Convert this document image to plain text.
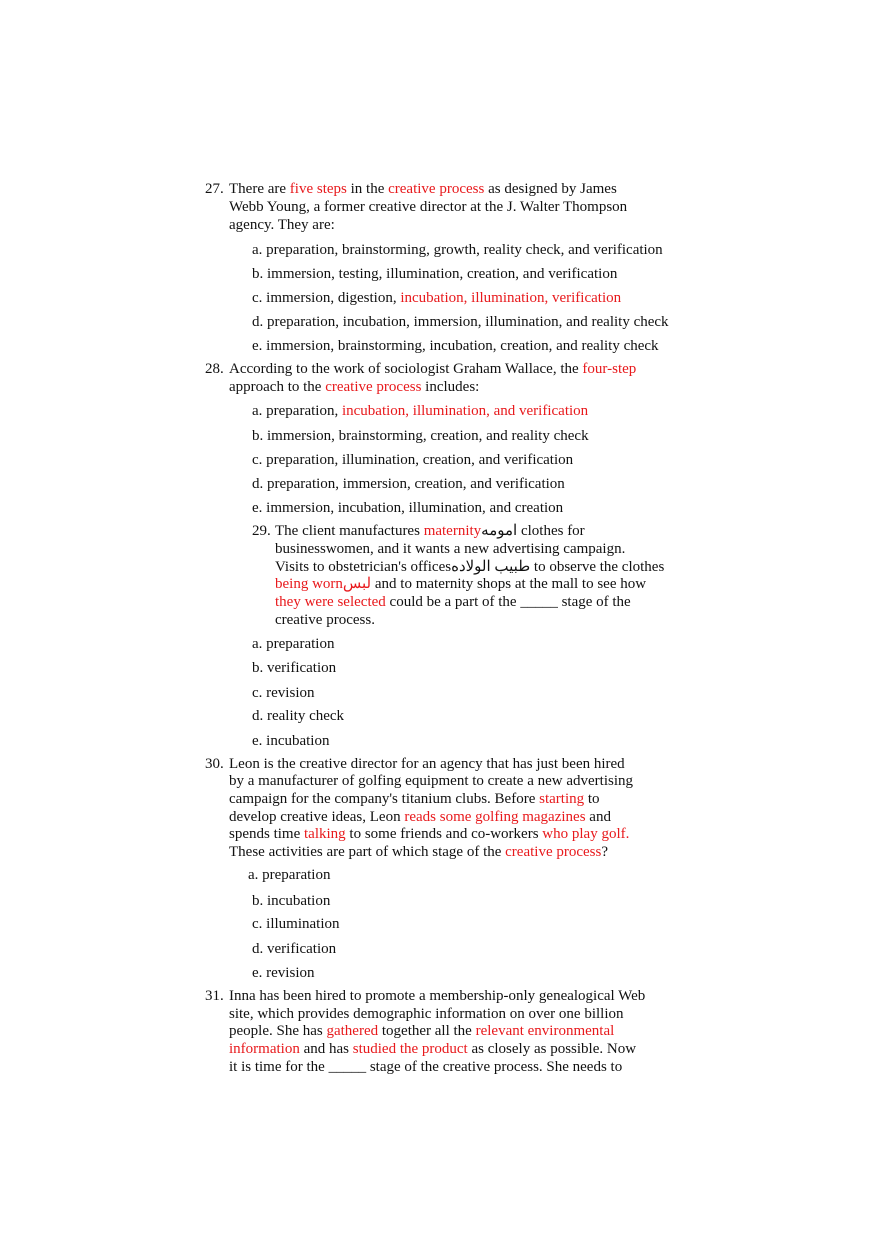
27. There are five steps in the creative process as designed by James
Webb Young, a former creative director at the J. Walter Thompson
agency. They are:
a. preparation, brainstorming, growth, reality check, and verification
b. immersion, testing, illumination, creation, and verification
c. immersion, digestion, incubation, illumination, verification
d. preparation, incubation, immersion, illumination, and reality check
e. immersion, brainstorming, incubation, creation, and reality check
28. According to the work of sociologist Graham Wallace, the four-step
approach to the creative process includes:
a. preparation, incubation, illumination, and verification
b. immersion, brainstorming, creation, and reality check
c. preparation, illumination, creation, and verification
d. preparation, immersion, creation, and verification
e. immersion, incubation, illumination, and creation
29. The client manufactures maternityامومه clothes for
businesswomen, and it wants a new advertising campaign.
Visits to obstetrician's officesطبيب الولاده to observe the clothes
being wornلبس and to maternity shops at the mall to see how
they were selected could be a part of the _____ stage of the
creative process.
a. preparation
b. verification
c. revision
d. reality check
e. incubation
30. Leon is the creative director for an agency that has just been hired
by a manufacturer of golfing equipment to create a new advertising
campaign for the company's titanium clubs. Before starting to
develop creative ideas, Leon reads some golfing magazines and
spends time talking to some friends and co-workers who play golf.
These activities are part of which stage of the creative process?
a. preparation
b. incubation
c. illumination
d. verification
e. revision
31. Inna has been hired to promote a membership-only genealogical Web
site, which provides demographic information on over one billion
people. She has gathered together all the relevant environmental
information and has studied the product as closely as possible. Now
it is time for the _____ stage of the creative process. She needs to
